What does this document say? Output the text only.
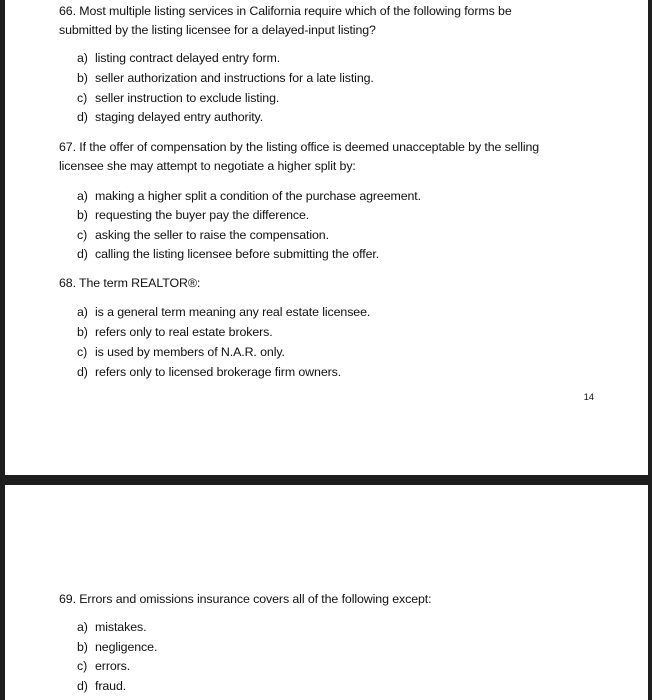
66. Most multiple listing services in California require which of the following forms be
submitted by the listing licensee for a delayed-input listing?
a) listing contract delayed entry form.
b) seller authorization and instructions for a late listing.
c) seller instruction to exclude listing.
d) staging delayed entry authority.
67. If the offer of compensation by the listing office is deemed unacceptable by the selling
licensee she may attempt to negotiate a higher split by:
a) making a higher split a condition of the purchase agreement.
b) requesting the buyer pay the difference.
c) asking the seller to raise the compensation.
d) calling the listing licensee before submitting the offer.
68. The term REALTOR®:
a) is a general term meaning any real estate licensee.
b) refers only to real estate brokers.
c) is used by members of N.A.R. only.
d) refers only to licensed brokerage firm owners.
14
69. Errors and omissions insurance covers all of the following except:
a) mistakes.
b) negligence.
c) errors.
d) fraud.
